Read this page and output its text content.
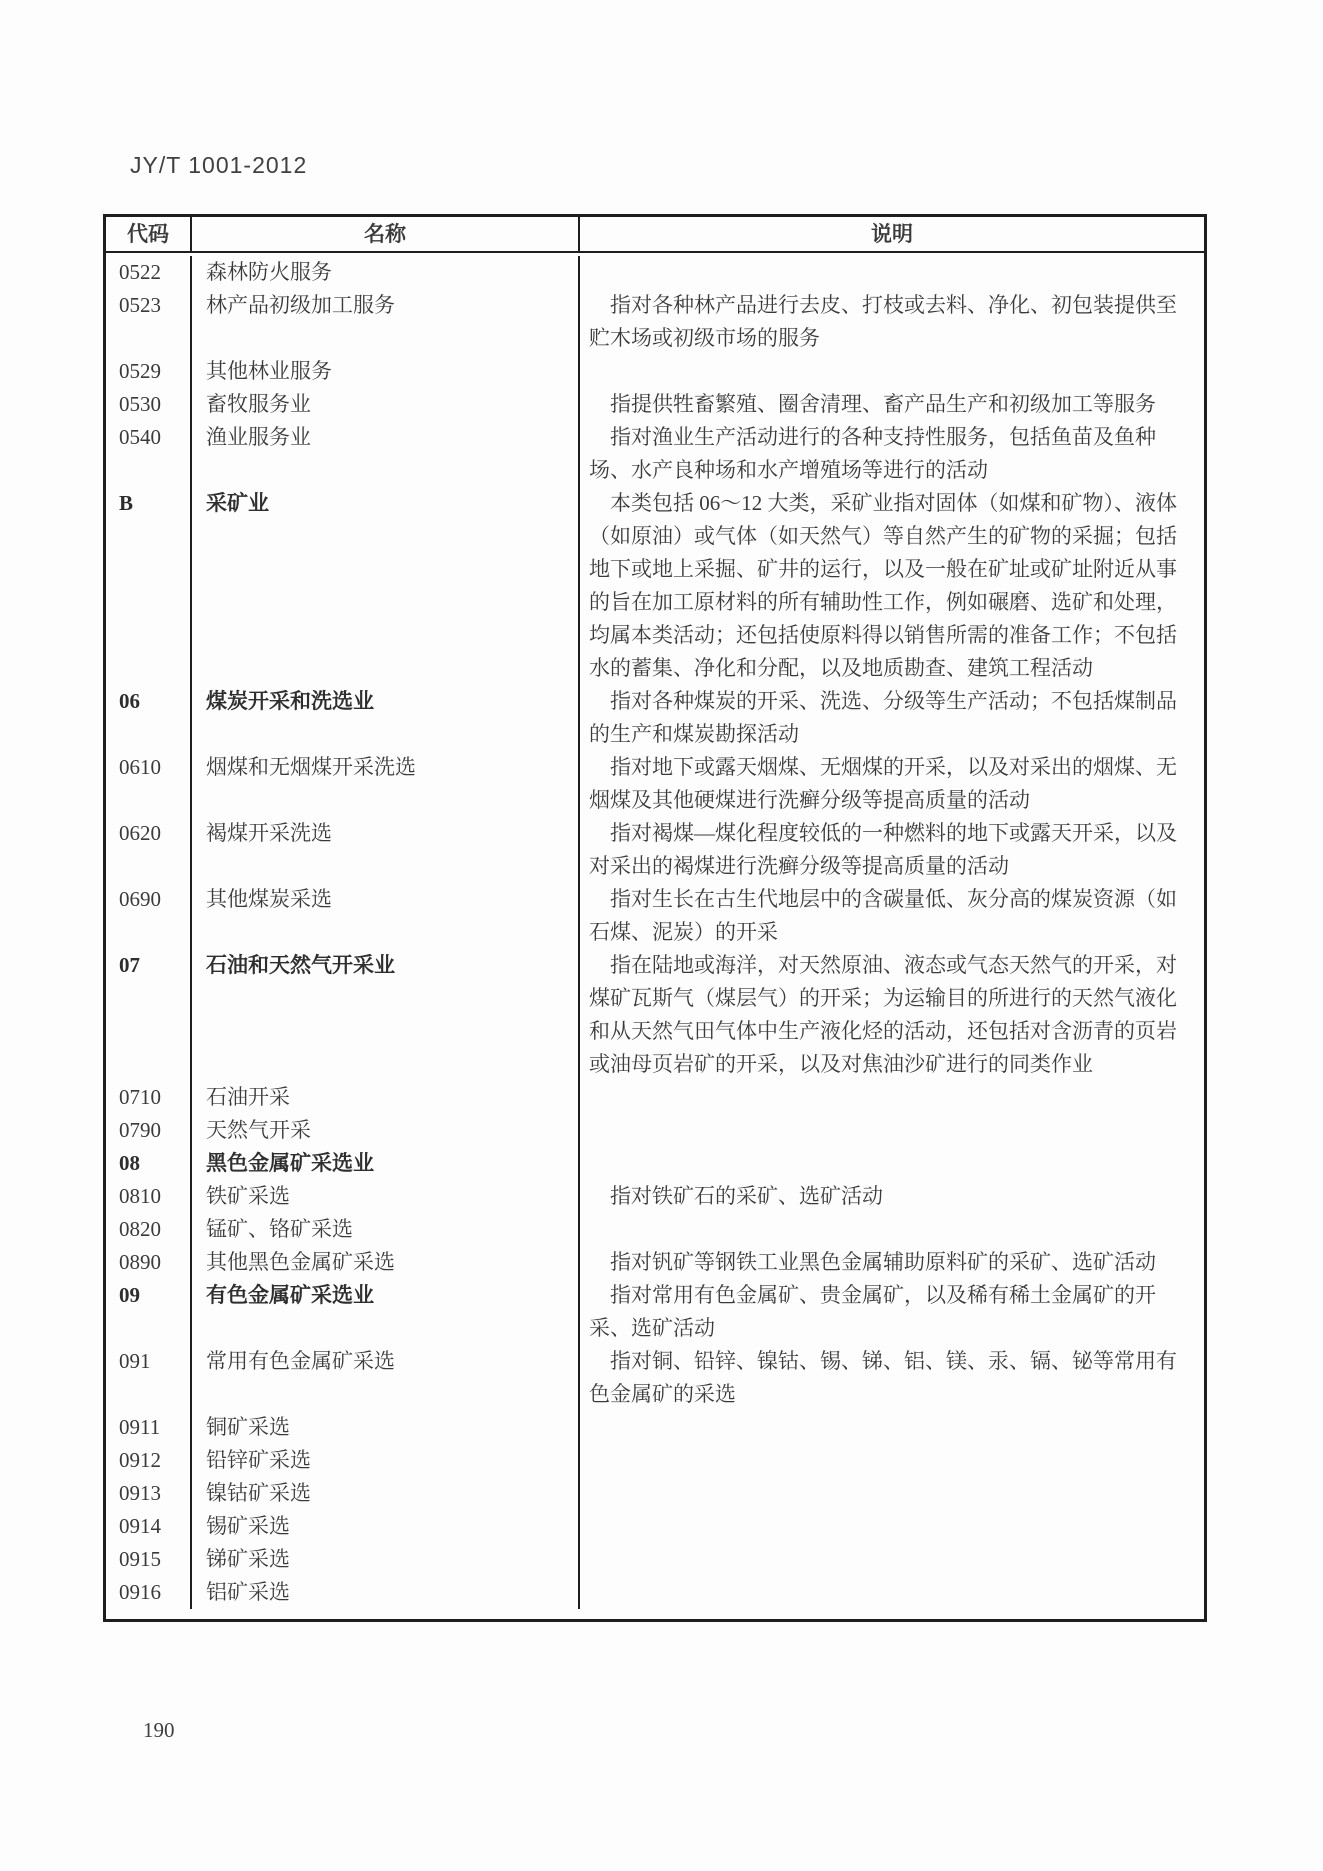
JY/T 1001-2012
代码	名称	说明
0522	森林防火服务

0523	林产品初级加工服务	指对各种林产品进行去皮、打枝或去料、净化、初包装提供至贮木场或初级市场的服务

0529	其他林业服务

0530	畜牧服务业	指提供牲畜繁殖、圈舍清理、畜产品生产和初级加工等服务

0540	渔业服务业	指对渔业生产活动进行的各种支持性服务，包括鱼苗及鱼种场、水产良种场和水产增殖场等进行的活动

B	采矿业	本类包括 06～12 大类，采矿业指对固体（如煤和矿物）、液体（如原油）或气体（如天然气）等自然产生的矿物的采掘；包括地下或地上采掘、矿井的运行，以及一般在矿址或矿址附近从事的旨在加工原材料的所有辅助性工作，例如碾磨、选矿和处理，均属本类活动；还包括使原料得以销售所需的准备工作；不包括水的蓄集、净化和分配，以及地质勘查、建筑工程活动

06	煤炭开采和洗选业	指对各种煤炭的开采、洗选、分级等生产活动；不包括煤制品的生产和煤炭勘探活动

0610	烟煤和无烟煤开采洗选	指对地下或露天烟煤、无烟煤的开采，以及对采出的烟煤、无烟煤及其他硬煤进行洗癣分级等提高质量的活动

0620	褐煤开采洗选	指对褐煤—煤化程度较低的一种燃料的地下或露天开采，以及对采出的褐煤进行洗癣分级等提高质量的活动

0690	其他煤炭采选	指对生长在古生代地层中的含碳量低、灰分高的煤炭资源（如石煤、泥炭）的开采

07	石油和天然气开采业	指在陆地或海洋，对天然原油、液态或气态天然气的开采，对煤矿瓦斯气（煤层气）的开采；为运输目的所进行的天然气液化和从天然气田气体中生产液化烃的活动，还包括对含沥青的页岩或油母页岩矿的开采，以及对焦油沙矿进行的同类作业

0710	石油开采

0790	天然气开采

08	黑色金属矿采选业

0810	铁矿采选	指对铁矿石的采矿、选矿活动

0820	锰矿、铬矿采选

0890	其他黑色金属矿采选	指对钒矿等钢铁工业黑色金属辅助原料矿的采矿、选矿活动

09	有色金属矿采选业	指对常用有色金属矿、贵金属矿，以及稀有稀土金属矿的开采、选矿活动

091	常用有色金属矿采选	指对铜、铅锌、镍钴、锡、锑、铝、镁、汞、镉、铋等常用有色金属矿的采选

0911	铜矿采选

0912	铅锌矿采选

0913	镍钴矿采选

0914	锡矿采选

0915	锑矿采选

0916	铝矿采选

190
